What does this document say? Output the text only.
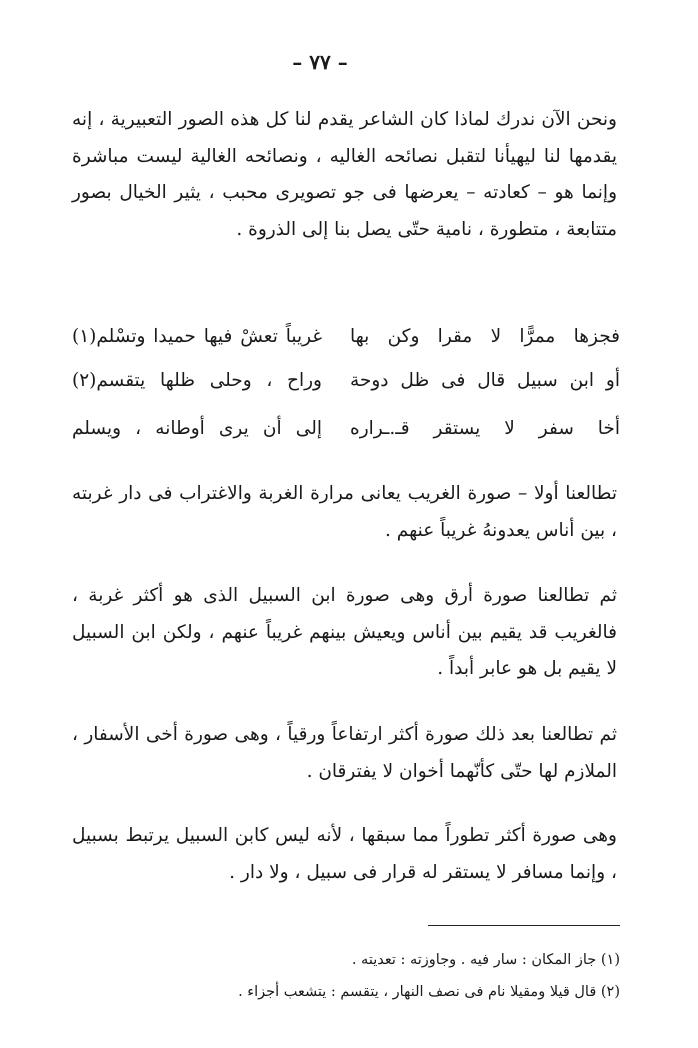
– ٧٧ –

ونحن الآن ندرك لماذا كان الشاعر يقدم لنا كل هذه الصور التعبيرية ، إنه يقدمها لنا ليهيأنا لتقبل نصائحه الغاليه ، ونصائحه الغالية ليست مباشرة وإنما هو – كعادته – يعرضها فى جو تصويرى محبب ، يثير الخيال بصور متتابعة ، متطورة ، نامية حتّى يصل بنا إلى الذروة .

فجزها ممرًّا لا مقرا وكن بها
غريباً تعشْ فيها حميدا وتسْلم(١)
أو ابن سبيل قال فى ظل دوحة
وراح ، وحلى ظلها يتقسم(٢)
أخا سفر لا يستقر قـ.ـراره
إلى أن يرى أوطانه ، ويسلم

تطالعنا أولا – صورة الغريب يعانى مرارة الغربة والاغتراب فى دار غربته ، بين أناس يعدونهُ غريباً عنهم .

ثم تطالعنا صورة أرق وهى صورة ابن السبيل الذى هو أكثر غربة ، فالغريب قد يقيم بين أناس ويعيش بينهم غريباً عنهم ، ولكن ابن السبيل لا يقيم بل هو عابر أبداً .

ثم تطالعنا بعد ذلك صورة أكثر ارتفاعاً ورقياً ، وهى صورة أخى الأسفار ، الملازم لها حتّى كأنّهما أخوان لا يفترقان .

وهى صورة أكثر تطوراً مما سبقها ، لأنه ليس كابن السبيل يرتبط بسبيل ، وإنما مسافر لا يستقر له قرار فى سبيل ، ولا دار .

(١) جاز المكان : سار فيه . وجاوزته : تعديته .
(٢) قال قيلا ومقيلا نام فى نصف النهار ، يتقسم : يتشعب أجزاء .
